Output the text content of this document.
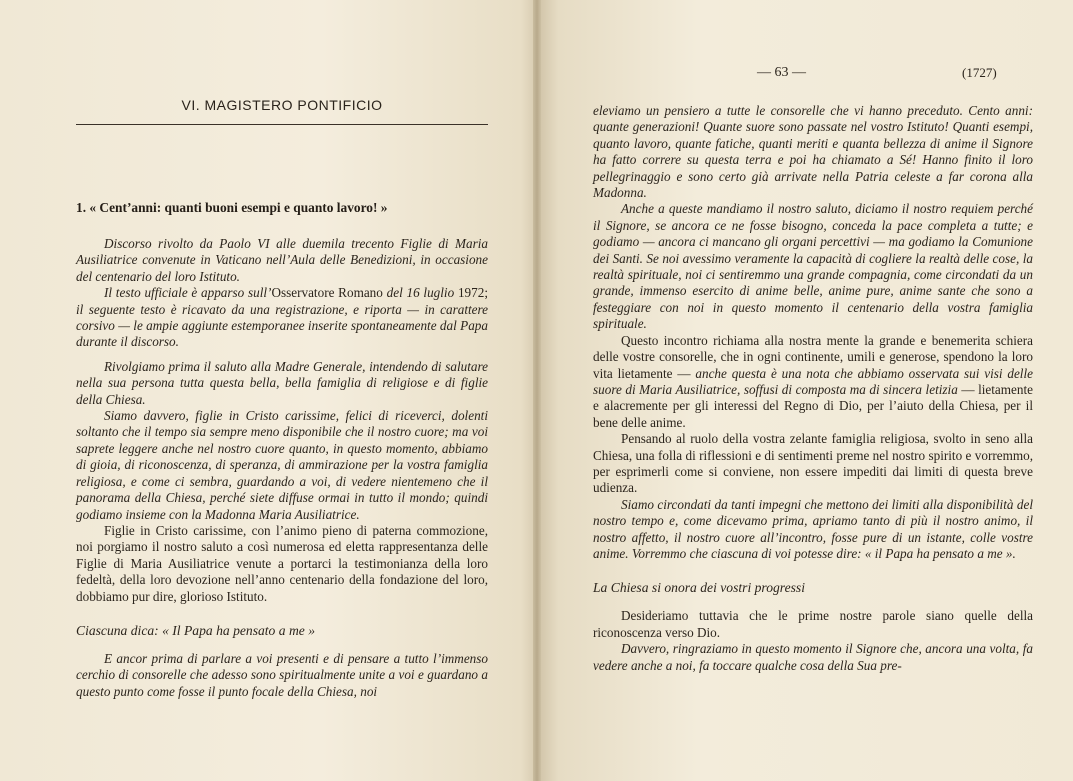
VI. MAGISTERO PONTIFICIO
1. « Cent’anni: quanti buoni esempi e quanto lavoro! »

Discorso rivolto da Paolo VI alle duemila trecento Figlie di Maria Ausiliatrice convenute in Vaticano nell’Aula delle Benedizioni, in occasione del centenario del loro Istituto.

Il testo ufficiale è apparso sull’Osservatore Romano del 16 luglio 1972; il seguente testo è ricavato da una registrazione, e riporta — in carattere corsivo — le ampie aggiunte estemporanee inserite spontaneamente dal Papa durante il discorso.

Rivolgiamo prima il saluto alla Madre Generale, intendendo di salutare nella sua persona tutta questa bella, bella famiglia di religiose e di figlie della Chiesa.

Siamo davvero, figlie in Cristo carissime, felici di riceverci, dolenti soltanto che il tempo sia sempre meno disponibile che il nostro cuore; ma voi saprete leggere anche nel nostro cuore quanto, in questo momento, abbiamo di gioia, di riconoscenza, di speranza, di ammirazione per la vostra famiglia religiosa, e come ci sembra, guardando a voi, di vedere nientemeno che il panorama della Chiesa, perché siete diffuse ormai in tutto il mondo; quindi godiamo insieme con la Madonna Maria Ausiliatrice.

Figlie in Cristo carissime, con l’animo pieno di paterna commozione, noi porgiamo il nostro saluto a così numerosa ed eletta rappresentanza delle Figlie di Maria Ausiliatrice venute a portarci la testimonianza della loro fedeltà, della loro devozione nell’anno centenario della fondazione del loro, dobbiamo pur dire, glorioso Istituto.

Ciascuna dica: « Il Papa ha pensato a me »

E ancor prima di parlare a voi presenti e di pensare a tutto l’immenso cerchio di consorelle che adesso sono spiritualmente unite a voi e guardano a questo punto come fosse il punto focale della Chiesa, noi

— 63 —	(1727)

eleviamo un pensiero a tutte le consorelle che vi hanno preceduto. Cento anni: quante generazioni! Quante suore sono passate nel vostro Istituto! Quanti esempi, quanto lavoro, quante fatiche, quanti meriti e quanta bellezza di anime il Signore ha fatto correre su questa terra e poi ha chiamato a Sé! Hanno finito il loro pellegrinaggio e sono certo già arrivate nella Patria celeste a far corona alla Madonna.

Anche a queste mandiamo il nostro saluto, diciamo il nostro requiem perché il Signore, se ancora ce ne fosse bisogno, conceda la pace completa a tutte; e godiamo — ancora ci mancano gli organi percettivi — ma godiamo la Comunione dei Santi. Se noi avessimo veramente la capacità di cogliere la realtà delle cose, la realtà spirituale, noi ci sentiremmo una grande compagnia, come circondati da un grande, immenso esercito di anime belle, anime pure, anime sante che sono a festeggiare con noi in questo momento il centenario della vostra famiglia spirituale.

Questo incontro richiama alla nostra mente la grande e benemerita schiera delle vostre consorelle, che in ogni continente, umili e generose, spendono la loro vita lietamente — anche questa è una nota che abbiamo osservata sui visi delle suore di Maria Ausiliatrice, soffusi di composta ma di sincera letizia — lietamente e alacremente per gli interessi del Regno di Dio, per l’aiuto della Chiesa, per il bene delle anime.

Pensando al ruolo della vostra zelante famiglia religiosa, svolto in seno alla Chiesa, una folla di riflessioni e di sentimenti preme nel nostro spirito e vorremmo, per esprimerli come si conviene, non essere impediti dai limiti di questa breve udienza.

Siamo circondati da tanti impegni che mettono dei limiti alla disponibilità del nostro tempo e, come dicevamo prima, apriamo tanto di più il nostro animo, il nostro affetto, il nostro cuore all’incontro, fosse pure di un istante, colle vostre anime. Vorremmo che ciascuna di voi potesse dire: « il Papa ha pensato a me ».

La Chiesa si onora dei vostri progressi

Desideriamo tuttavia che le prime nostre parole siano quelle della riconoscenza verso Dio.

Davvero, ringraziamo in questo momento il Signore che, ancora una volta, fa vedere anche a noi, fa toccare qualche cosa della Sua pre-
